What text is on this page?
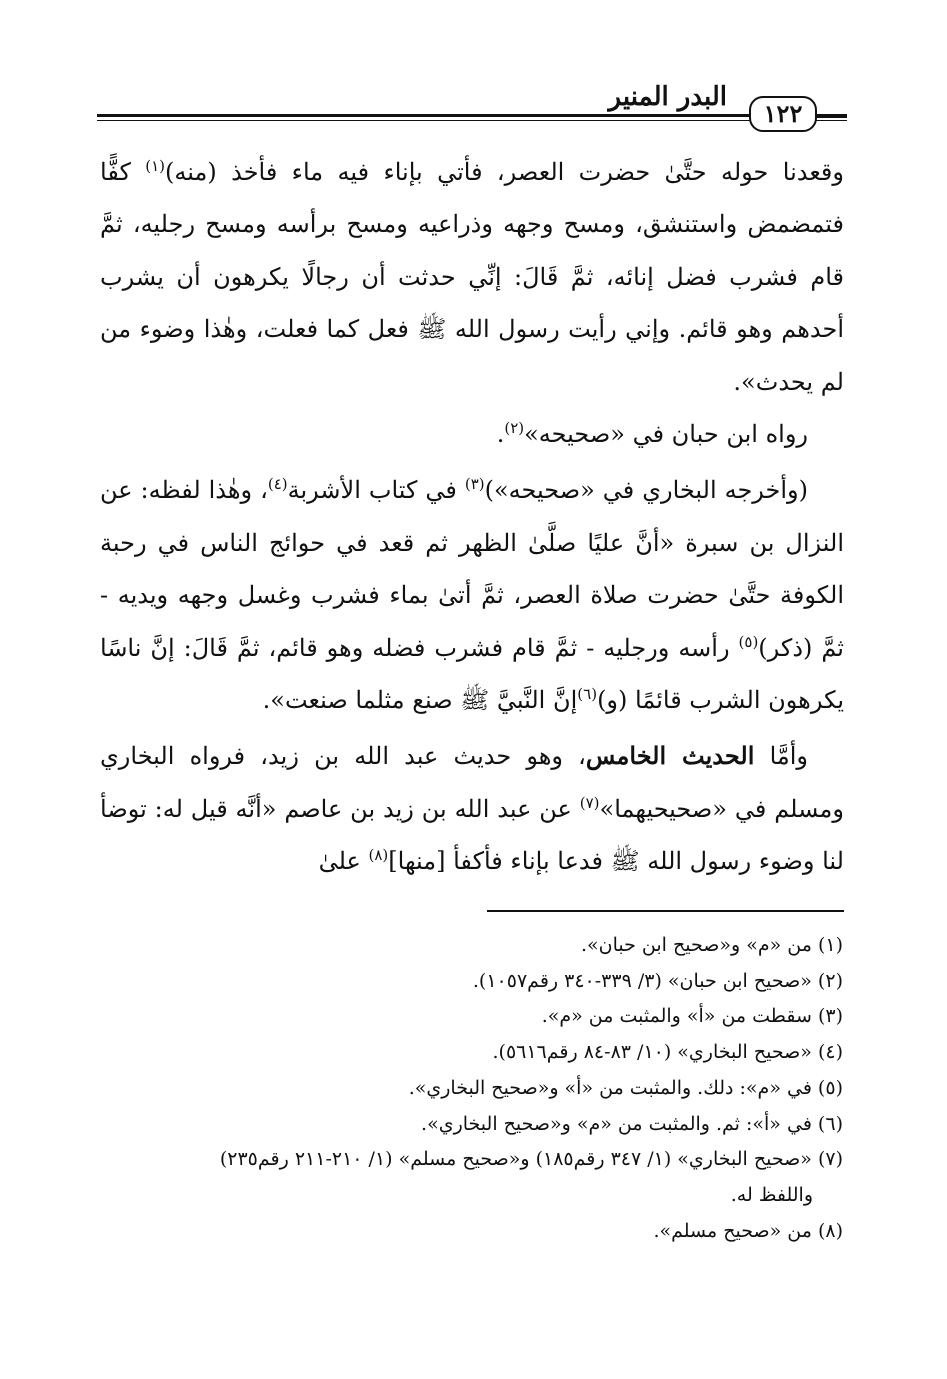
البدر المنير
١٢٢

وقعدنا حوله حتَّىٰ حضرت العصر، فأتي بإناء فيه ماء فأخذ (منه)$^{(١)}$ كفًّا فتمضمض واستنشق، ومسح وجهه وذراعيه ومسح برأسه ومسح رجليه، ثمَّ قام فشرب فضل إنائه، ثمَّ قَالَ: إنِّي حدثت أن رجالًا يكرهون أن يشرب أحدهم وهو قائم. وإني رأيت رسول الله ﷺ فعل كما فعلت، وهٰذا وضوء من لم يحدث».

رواه ابن حبان في «صحيحه»$^{(٢)}$.

(وأخرجه البخاري في «صحيحه»)$^{(٣)}$ في كتاب الأشربة$^{(٤)}$، وهٰذا لفظه: عن النزال بن سبرة «أنَّ عليًا صلَّىٰ الظهر ثم قعد في حوائج الناس في رحبة الكوفة حتَّىٰ حضرت صلاة العصر، ثمَّ أتىٰ بماء فشرب وغسل وجهه ويديه - ثمَّ (ذكر)$^{(٥)}$ رأسه ورجليه - ثمَّ قام فشرب فضله وهو قائم، ثمَّ قَالَ: إنَّ ناسًا يكرهون الشرب قائمًا (و)$^{(٦)}$إنَّ النَّبيَّ ﷺ صنع مثلما صنعت».

وأمَّا الحديث الخامس، وهو حديث عبد الله بن زيد، فرواه البخاري ومسلم في «صحيحيهما»$^{(٧)}$ عن عبد الله بن زيد بن عاصم «أنَّه قيل له: توضأ لنا وضوء رسول الله ﷺ فدعا بإناء فأكفأ [منها]$^{(٨)}$ علىٰ

(١) من «م» و«صحيح ابن حبان».

(٢) «صحيح ابن حبان» (٣/ ٣٣٩-٣٤٠ رقم١٠٥٧).

(٣) سقطت من «أ» والمثبت من «م».

(٤) «صحيح البخاري» (١٠/ ٨٣-٨٤ رقم٥٦١٦).

(٥) في «م»: دلك. والمثبت من «أ» و«صحيح البخاري».

(٦) في «أ»: ثم. والمثبت من «م» و«صحيح البخاري».

(٧) «صحيح البخاري» (١/ ٣٤٧ رقم١٨٥) و«صحيح مسلم» (١/ ٢١٠-٢١١ رقم٢٣٥)

واللفظ له.

(٨) من «صحيح مسلم».
